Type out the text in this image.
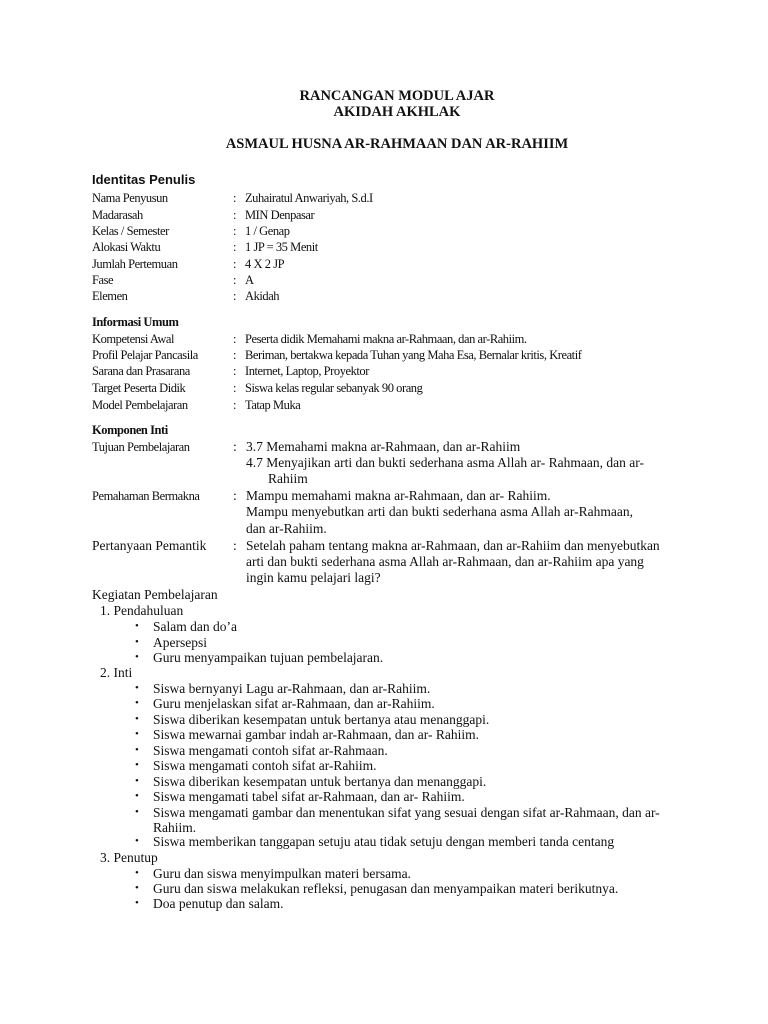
RANCANGAN MODUL AJAR
AKIDAH AKHLAK
ASMAUL HUSNA AR-RAHMAAN DAN AR-RAHIIM
Identitas Penulis
Nama Penyusun	: Zuhairatul Anwariyah, S.d.I
Madarasah	: MIN Denpasar
Kelas / Semester	: 1 / Genap
Alokasi Waktu	: 1 JP = 35 Menit
Jumlah Pertemuan	: 4 X 2 JP
Fase	: A
Elemen	: Akidah
Informasi Umum
Kompetensi Awal	: Peserta didik Memahami makna ar-Rahmaan, dan ar-Rahiim.
Profil Pelajar Pancasila	: Beriman, bertakwa kepada Tuhan yang Maha Esa, Bernalar kritis, Kreatif
Sarana dan Prasarana	: Internet, Laptop, Proyektor
Target Peserta Didik	: Siswa kelas regular sebanyak 90 orang
Model Pembelajaran	: Tatap Muka
Komponen Inti
Tujuan Pembelajaran	: 3.7 Memahami makna ar-Rahmaan, dan ar-Rahiim
4.7 Menyajikan arti dan bukti sederhana asma Allah ar- Rahmaan, dan ar-
Rahiim
Pemahaman Bermakna : Mampu memahami makna ar-Rahmaan, dan ar- Rahiim.
Mampu menyebutkan arti dan bukti sederhana asma Allah ar-Rahmaan,
dan ar-Rahiim.
Pertanyaan Pemantik : Setelah paham tentang makna ar-Rahmaan, dan ar-Rahiim dan menyebutkan
arti dan bukti sederhana asma Allah ar-Rahmaan, dan ar-Rahiim apa yang
ingin kamu pelajari lagi?
Kegiatan Pembelajaran
1. Pendahuluan
• Salam dan do’a
• Apersepsi
• Guru menyampaikan tujuan pembelajaran.
2. Inti
• Siswa bernyanyi Lagu ar-Rahmaan, dan ar-Rahiim.
• Guru menjelaskan sifat ar-Rahmaan, dan ar-Rahiim.
• Siswa diberikan kesempatan untuk bertanya atau menanggapi.
• Siswa mewarnai gambar indah ar-Rahmaan, dan ar- Rahiim.
• Siswa mengamati contoh sifat ar-Rahmaan.
• Siswa mengamati contoh sifat ar-Rahiim.
• Siswa diberikan kesempatan untuk bertanya dan menanggapi.
• Siswa mengamati tabel sifat ar-Rahmaan, dan ar- Rahiim.
• Siswa mengamati gambar dan menentukan sifat yang sesuai dengan sifat ar-Rahmaan, dan ar-
Rahiim.
• Siswa memberikan tanggapan setuju atau tidak setuju dengan memberi tanda centang
3. Penutup
• Guru dan siswa menyimpulkan materi bersama.
• Guru dan siswa melakukan refleksi, penugasan dan menyampaikan materi berikutnya.
• Doa penutup dan salam.
